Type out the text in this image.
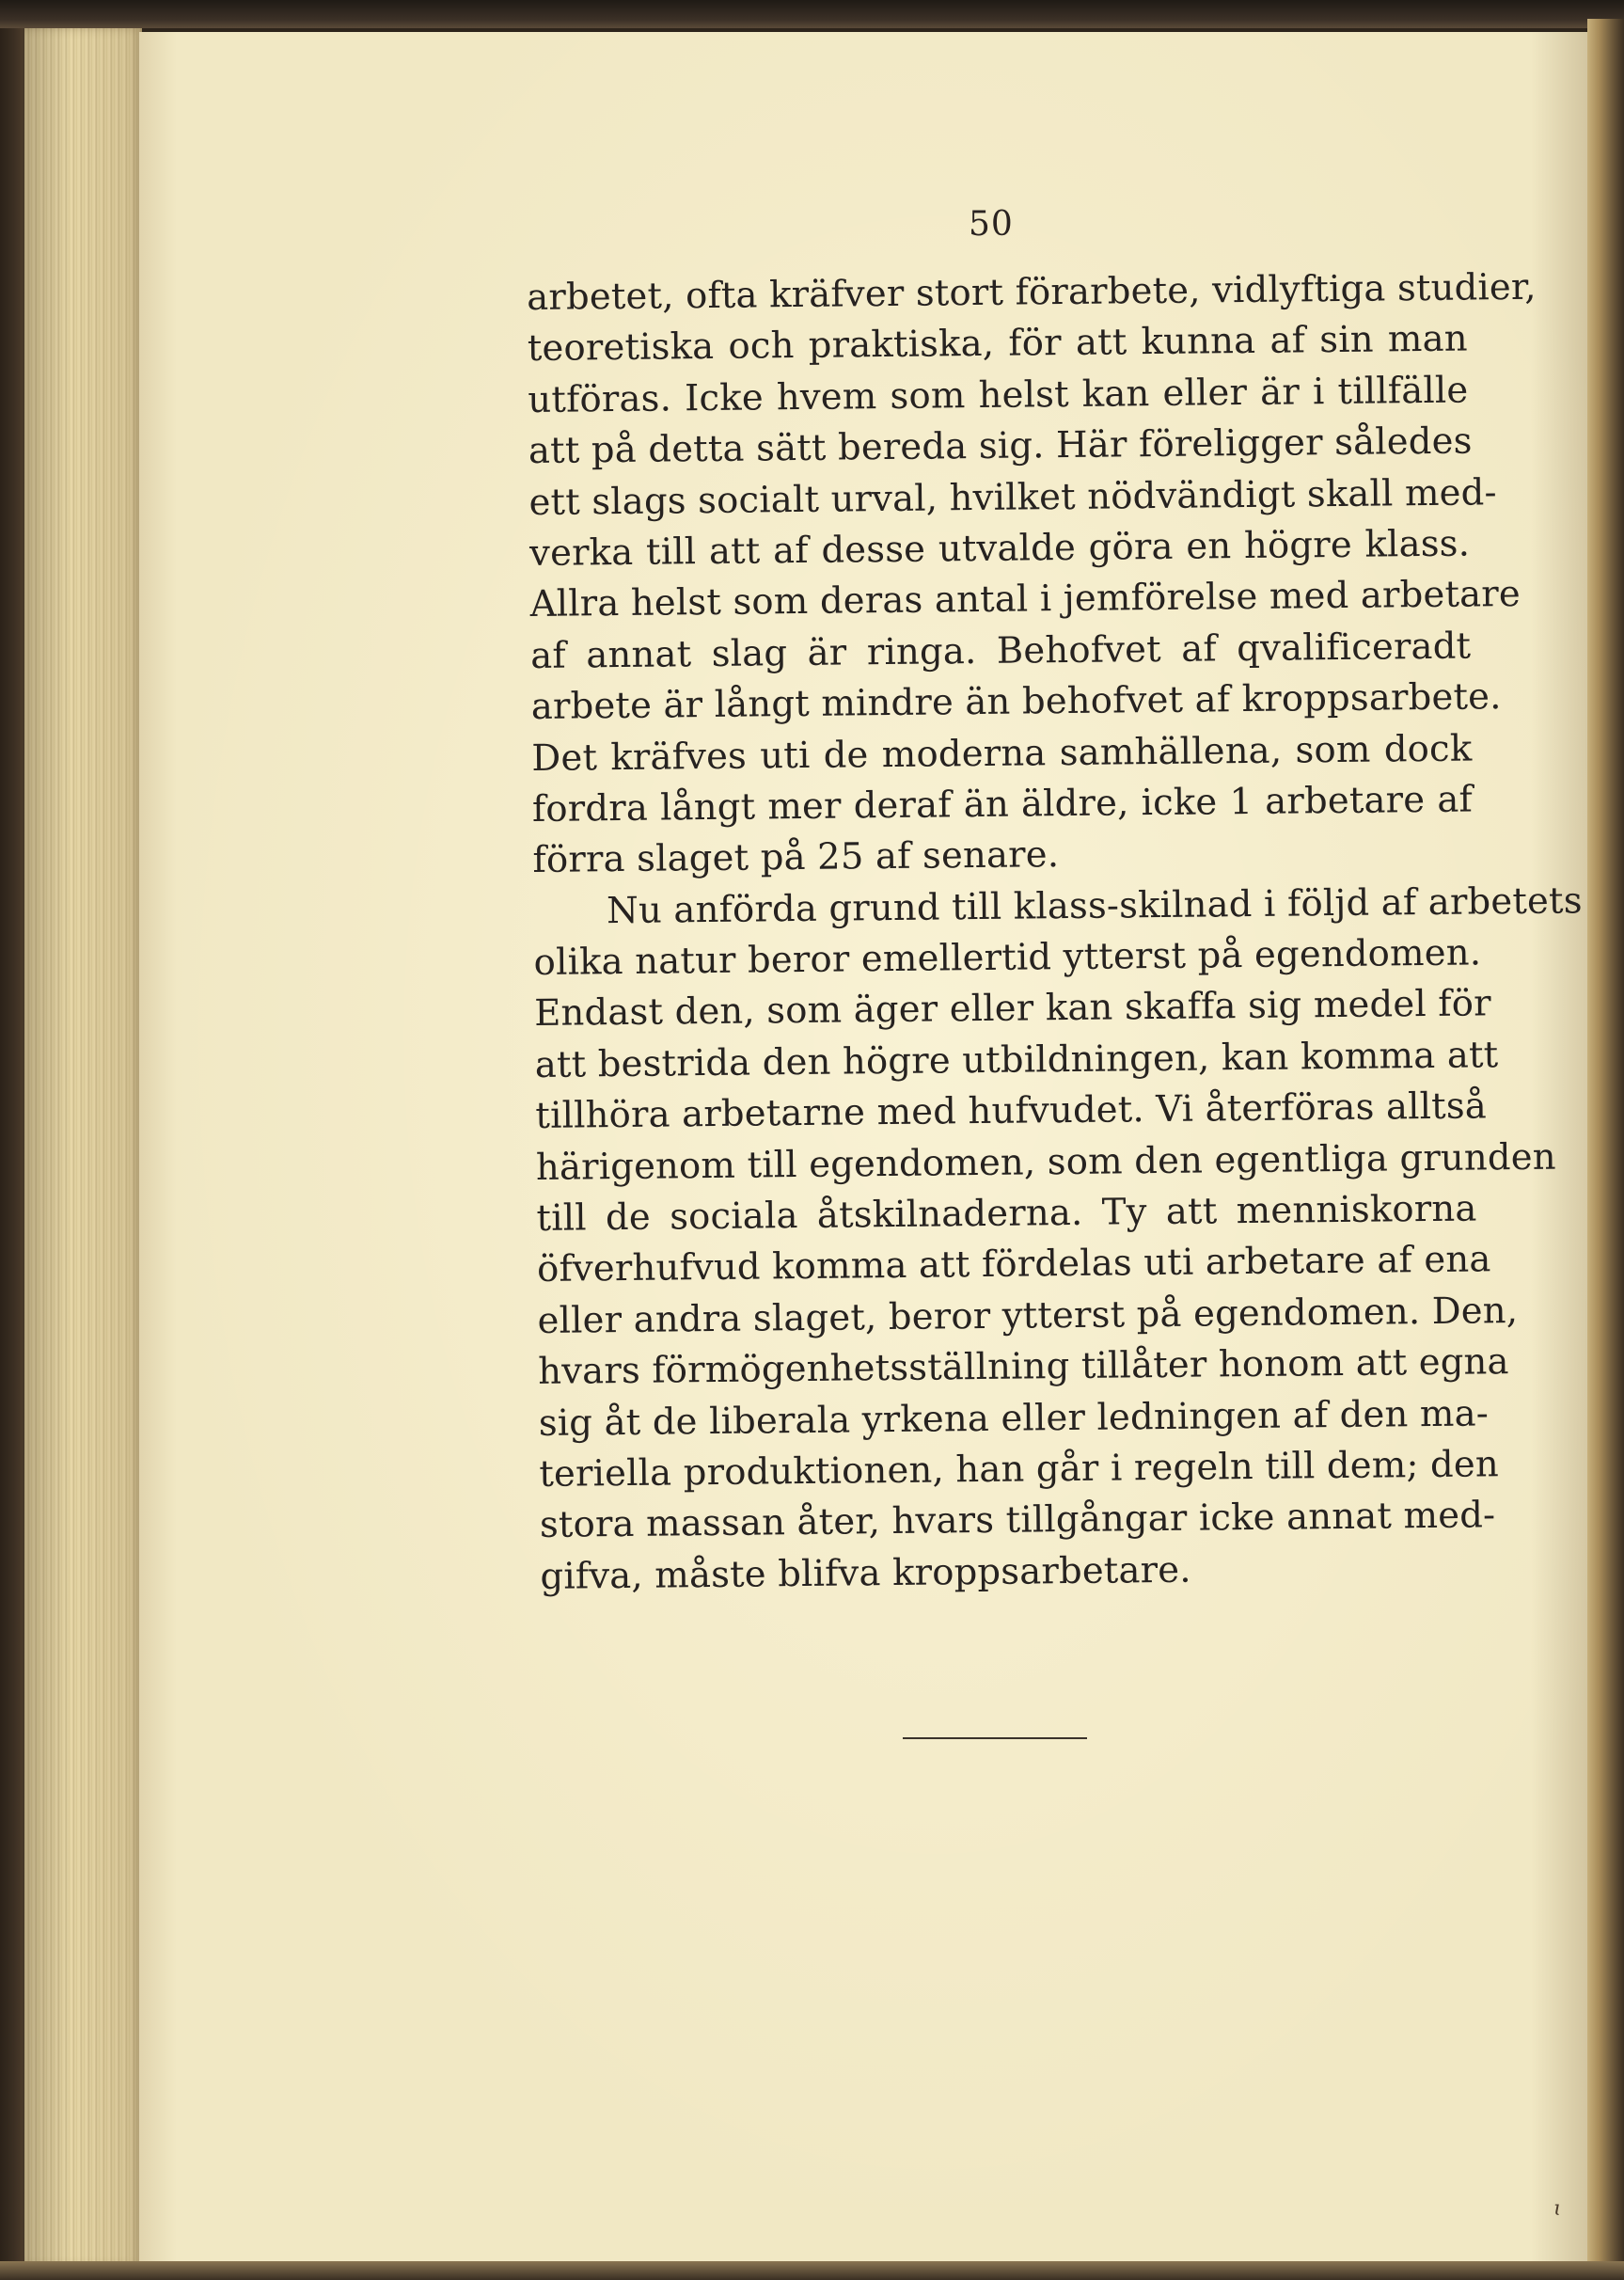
50
arbetet, ofta kräfver stort förarbete, vidlyftiga studier,
teoretiska och praktiska, för att kunna af sin man
utföras. Icke hvem som helst kan eller är i tillfälle
att på detta sätt bereda sig. Här föreligger således
ett slags socialt urval, hvilket nödvändigt skall med-
verka till att af desse utvalde göra en högre klass.
Allra helst som deras antal i jemförelse med arbetare
af annat slag är ringa. Behofvet af qvalificeradt
arbete är långt mindre än behofvet af kroppsarbete.
Det kräfves uti de moderna samhällena, som dock
fordra långt mer deraf än äldre, icke 1 arbetare af
förra slaget på 25 af senare.
Nu anförda grund till klass-skilnad i följd af arbetets
olika natur beror emellertid ytterst på egendomen.
Endast den, som äger eller kan skaffa sig medel för
att bestrida den högre utbildningen, kan komma att
tillhöra arbetarne med hufvudet. Vi återföras alltså
härigenom till egendomen, som den egentliga grunden
till de sociala åtskilnaderna. Ty att menniskorna
öfverhufvud komma att fördelas uti arbetare af ena
eller andra slaget, beror ytterst på egendomen. Den,
hvars förmögenhetsställning tillåter honom att egna
sig åt de liberala yrkena eller ledningen af den ma-
teriella produktionen, han går i regeln till dem; den
stora massan åter, hvars tillgångar icke annat med-
gifva, måste blifva kroppsarbetare.
ɩ
